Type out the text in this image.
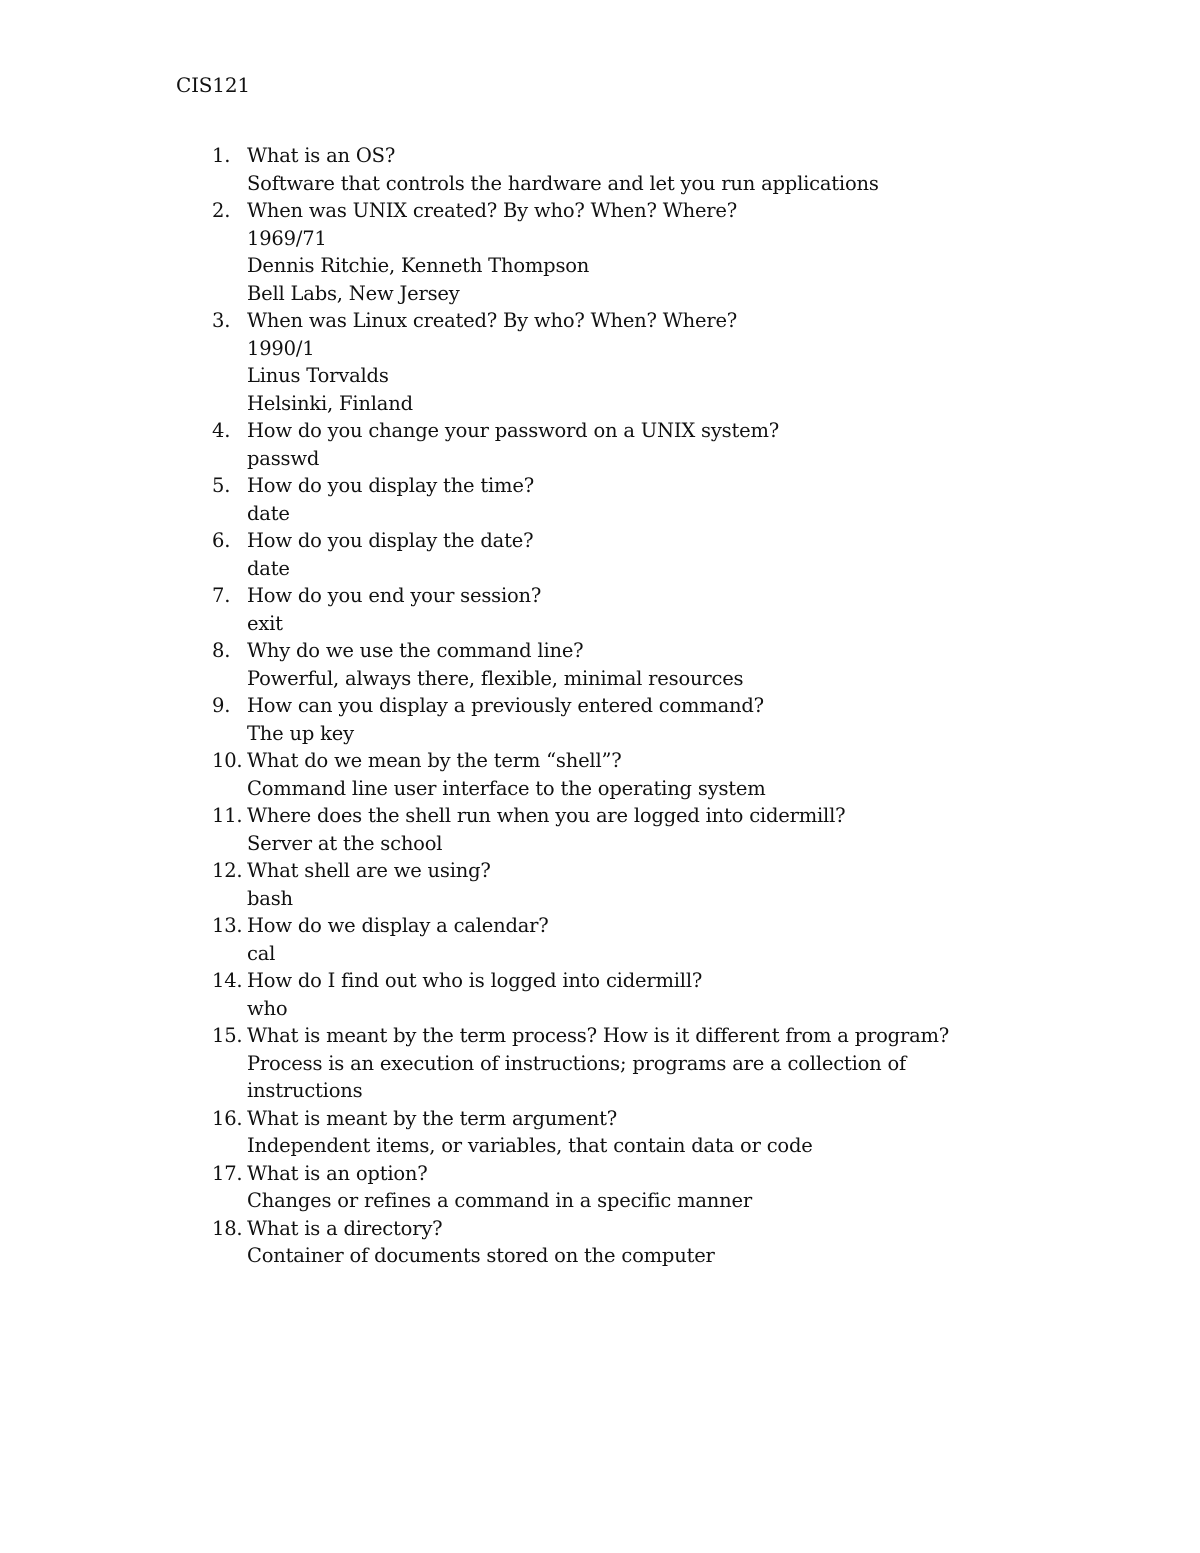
CIS121
1. What is an OS?
Software that controls the hardware and let you run applications
2. When was UNIX created? By who? When? Where?
1969/71
Dennis Ritchie, Kenneth Thompson
Bell Labs, New Jersey
3. When was Linux created? By who? When? Where?
1990/1
Linus Torvalds
Helsinki, Finland
4. How do you change your password on a UNIX system?
passwd
5. How do you display the time?
date
6. How do you display the date?
date
7. How do you end your session?
exit
8. Why do we use the command line?
Powerful, always there, flexible, minimal resources
9. How can you display a previously entered command?
The up key
10. What do we mean by the term “shell”?
Command line user interface to the operating system
11. Where does the shell run when you are logged into cidermill?
Server at the school
12. What shell are we using?
bash
13. How do we display a calendar?
cal
14. How do I find out who is logged into cidermill?
who
15. What is meant by the term process? How is it different from a program?
Process is an execution of instructions; programs are a collection of
instructions
16. What is meant by the term argument?
Independent items, or variables, that contain data or code
17. What is an option?
Changes or refines a command in a specific manner
18. What is a directory?
Container of documents stored on the computer
